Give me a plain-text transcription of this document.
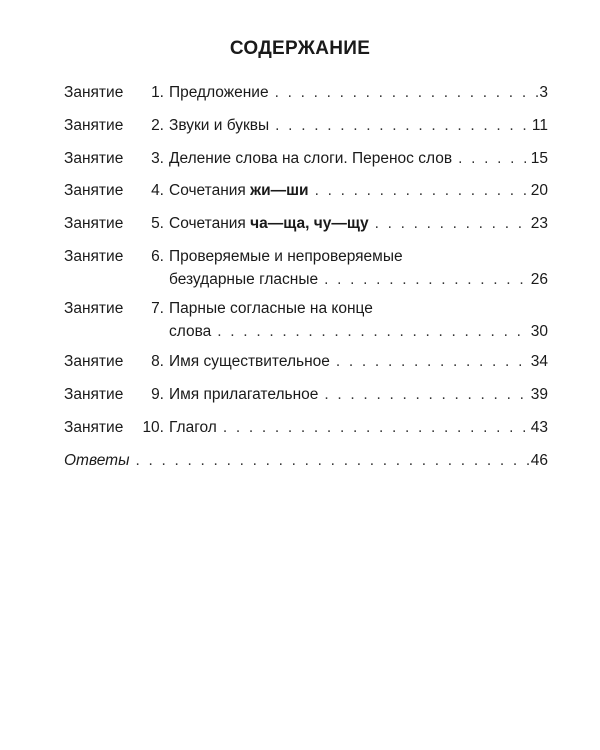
СОДЕРЖАНИЕ
Занятие	1. Предложение . . .	3
Занятие	2. Звуки и буквы . . .	11
Занятие	3. Деление слова на слоги. Перенос слов . . .	15
Занятие	4. Сочетания жи—ши . . .	20
Занятие	5. Сочетания ча—ща, чу—щу . . .	23
Занятие	6. Проверяемые и непроверяемые
безударные гласные . . .	26
Занятие	7. Парные согласные на конце
слова . . .	30
Занятие	8. Имя существительное . . .	34
Занятие	9. Имя прилагательное . . .	39
Занятие	10. Глагол . . .	43
Ответы . . .	46
